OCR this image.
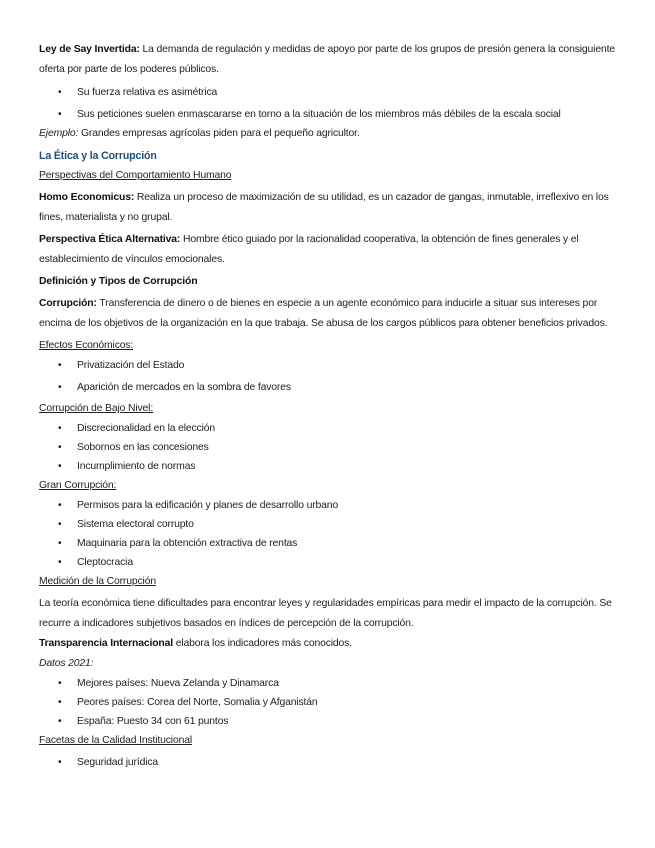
Ley de Say Invertida: La demanda de regulación y medidas de apoyo por parte de los grupos de presión genera la consiguiente oferta por parte de los poderes públicos.

• Su fuerza relativa es asimétrica
• Sus peticiones suelen enmascararse en torno a la situación de los miembros más débiles de la escala social

Ejemplo: Grandes empresas agrícolas piden para el pequeño agricultor.

La Ética y la Corrupción

Perspectivas del Comportamiento Humano

Homo Economicus: Realiza un proceso de maximización de su utilidad, es un cazador de gangas, inmutable, irreflexivo en los fines, materialista y no grupal.

Perspectiva Ética Alternativa: Hombre ético guiado por la racionalidad cooperativa, la obtención de fines generales y el establecimiento de vínculos emocionales.

Definición y Tipos de Corrupción

Corrupción: Transferencia de dinero o de bienes en especie a un agente económico para inducirle a situar sus intereses por encima de los objetivos de la organización en la que trabaja. Se abusa de los cargos públicos para obtener beneficios privados.

Efectos Económicos:

• Privatización del Estado
• Aparición de mercados en la sombra de favores

Corrupción de Bajo Nivel:

• Discrecionalidad en la elección
• Sobornos en las concesiones
• Incumplimiento de normas

Gran Corrupción:

• Permisos para la edificación y planes de desarrollo urbano
• Sistema electoral corrupto
• Maquinaria para la obtención extractiva de rentas
• Cleptocracia

Medición de la Corrupción

La teoría económica tiene dificultades para encontrar leyes y regularidades empíricas para medir el impacto de la corrupción. Se recurre a indicadores subjetivos basados en índices de percepción de la corrupción.

Transparencia Internacional elabora los indicadores más conocidos.

Datos 2021:

• Mejores países: Nueva Zelanda y Dinamarca
• Peores países: Corea del Norte, Somalia y Afganistán
• España: Puesto 34 con 61 puntos

Facetas de la Calidad Institucional

• Seguridad jurídica
